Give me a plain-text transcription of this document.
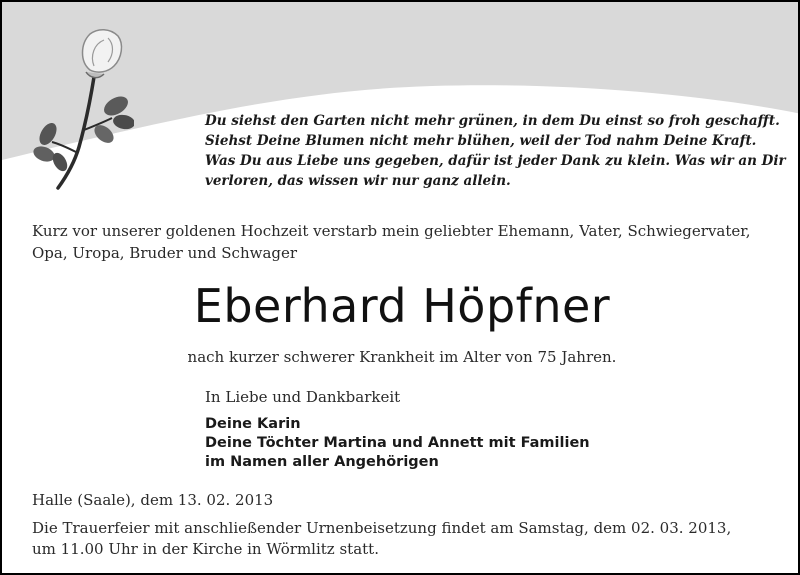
Du siehst den Garten nicht mehr grünen, in dem Du einst so froh geschafft.
Siehst Deine Blumen nicht mehr blühen, weil der Tod nahm Deine Kraft.
Was Du aus Liebe uns gegeben, dafür ist jeder Dank zu klein. Was wir an Dir
verloren, das wissen wir nur ganz allein.
Kurz vor unserer goldenen Hochzeit verstarb mein geliebter Ehemann, Vater, Schwiegervater,
Opa, Uropa, Bruder und Schwager
Eberhard Höpfner
nach kurzer schwerer Krankheit im Alter von 75 Jahren.
In Liebe und Dankbarkeit
Deine Karin
Deine Töchter Martina und Annett mit Familien
im Namen aller Angehörigen
Halle (Saale), dem 13. 02. 2013
Die Trauerfeier mit anschließender Urnenbeisetzung findet am Samstag, dem 02. 03. 2013,
um 11.00 Uhr in der Kirche in Wörmlitz statt.
